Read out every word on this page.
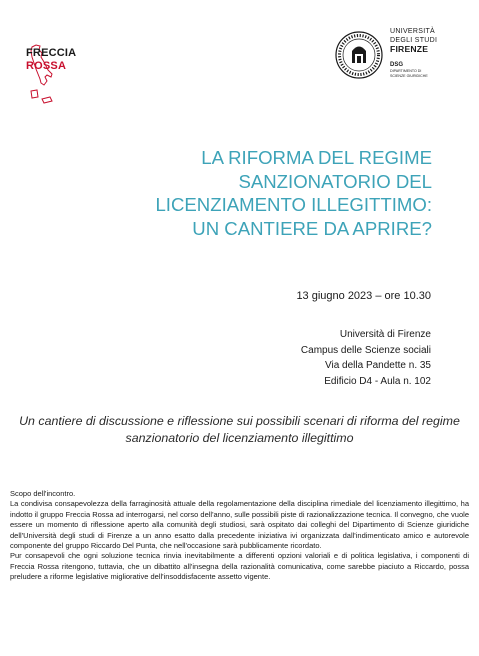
FRECCIA
ROSSA
UNIVERSITÀ
DEGLI STUDI
FIRENZE
DSG
DIPARTIMENTO DI
SCIENZE GIURIDICHE
LA RIFORMA DEL REGIME
SANZIONATORIO DEL
LICENZIAMENTO ILLEGITTIMO:
UN CANTIERE DA APRIRE?
13 giugno 2023 – ore 10.30
Università di Firenze
Campus delle Scienze sociali
Via della Pandette n. 35
Edificio D4 - Aula n. 102
Un cantiere di discussione e riflessione sui possibili scenari di riforma del regime sanzionatorio del licenziamento illegittimo

Scopo dell'incontro.

La condivisa consapevolezza della farraginosità attuale della regolamentazione della disciplina rimediale del licenziamento illegittimo, ha indotto il gruppo Freccia Rossa ad interrogarsi, nel corso dell'anno, sulle possibili piste di razionalizzazione tecnica. Il convegno, che vuole essere un momento di riflessione aperto alla comunità degli studiosi, sarà ospitato dai colleghi del Dipartimento di Scienze giuridiche dell'Università degli studi di Firenze a un anno esatto dalla precedente iniziativa ivi organizzata dall'indimenticato amico e autorevole componente del gruppo Riccardo Del Punta, che nell'occasione sarà pubblicamente ricordato.

Pur consapevoli che ogni soluzione tecnica rinvia inevitabilmente a differenti opzioni valoriali e di politica legislativa, i componenti di Freccia Rossa ritengono, tuttavia, che un dibattito all'insegna della razionalità comunicativa, come sarebbe piaciuto a Riccardo, possa preludere a riforme legislative migliorative dell'insoddisfacente assetto vigente.
